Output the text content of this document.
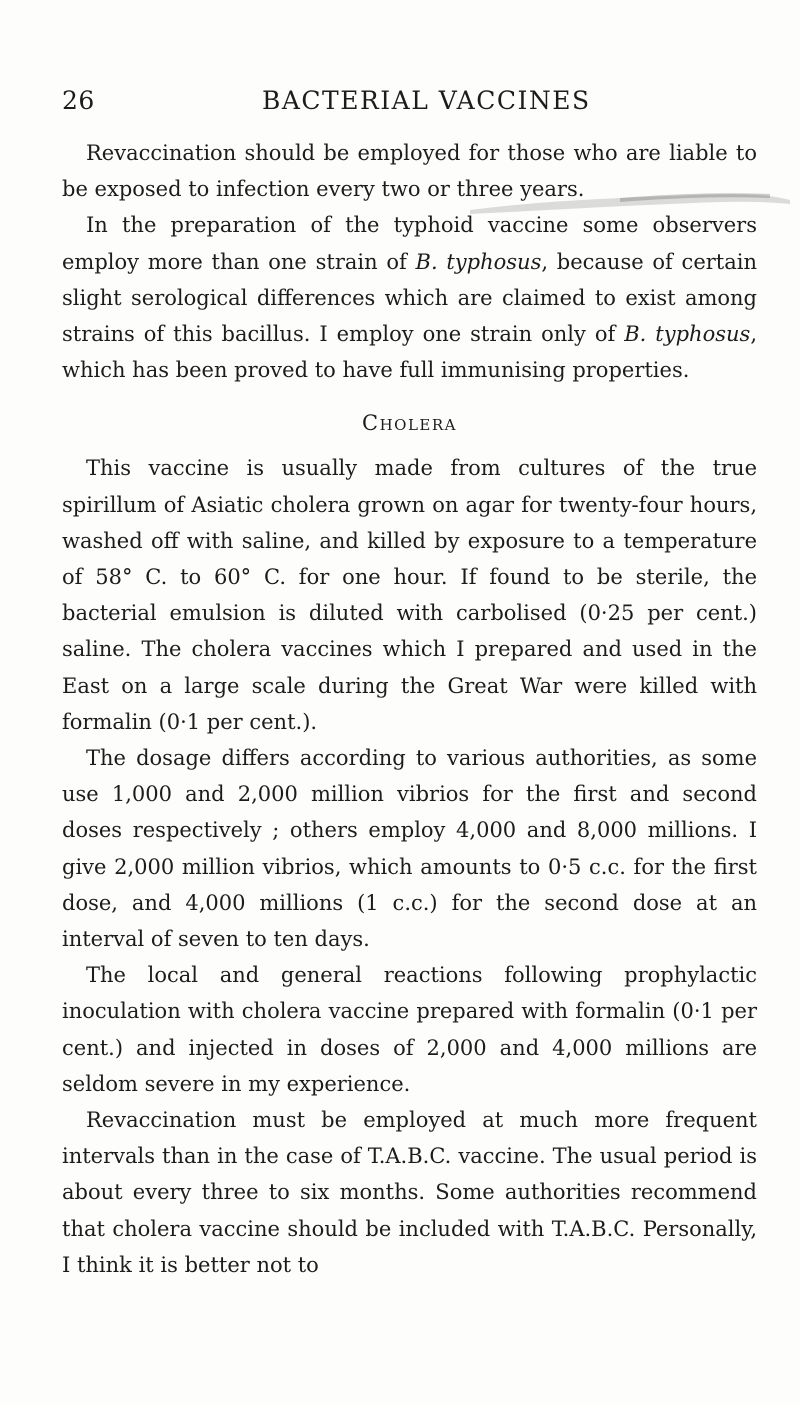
26	BACTERIAL VACCINES

Revaccination should be employed for those who are liable to be exposed to infection every two or three years.

In the preparation of the typhoid vaccine some observers employ more than one strain of B. typhosus, because of certain slight serological differences which are claimed to exist among strains of this bacillus. I employ one strain only of B. typhosus, which has been proved to have full immunising properties.

Cholera

This vaccine is usually made from cultures of the true spirillum of Asiatic cholera grown on agar for twenty-four hours, washed off with saline, and killed by exposure to a temperature of 58° C. to 60° C. for one hour. If found to be sterile, the bacterial emulsion is diluted with carbolised (0·25 per cent.) saline. The cholera vaccines which I prepared and used in the East on a large scale during the Great War were killed with formalin (0·1 per cent.).

The dosage differs according to various authorities, as some use 1,000 and 2,000 million vibrios for the first and second doses respectively ; others employ 4,000 and 8,000 millions. I give 2,000 million vibrios, which amounts to 0·5 c.c. for the first dose, and 4,000 millions (1 c.c.) for the second dose at an interval of seven to ten days.

The local and general reactions following prophylactic inoculation with cholera vaccine prepared with formalin (0·1 per cent.) and injected in doses of 2,000 and 4,000 millions are seldom severe in my experience.

Revaccination must be employed at much more frequent intervals than in the case of T.A.B.C. vaccine. The usual period is about every three to six months. Some authorities recommend that cholera vaccine should be included with T.A.B.C. Personally, I think it is better not to
